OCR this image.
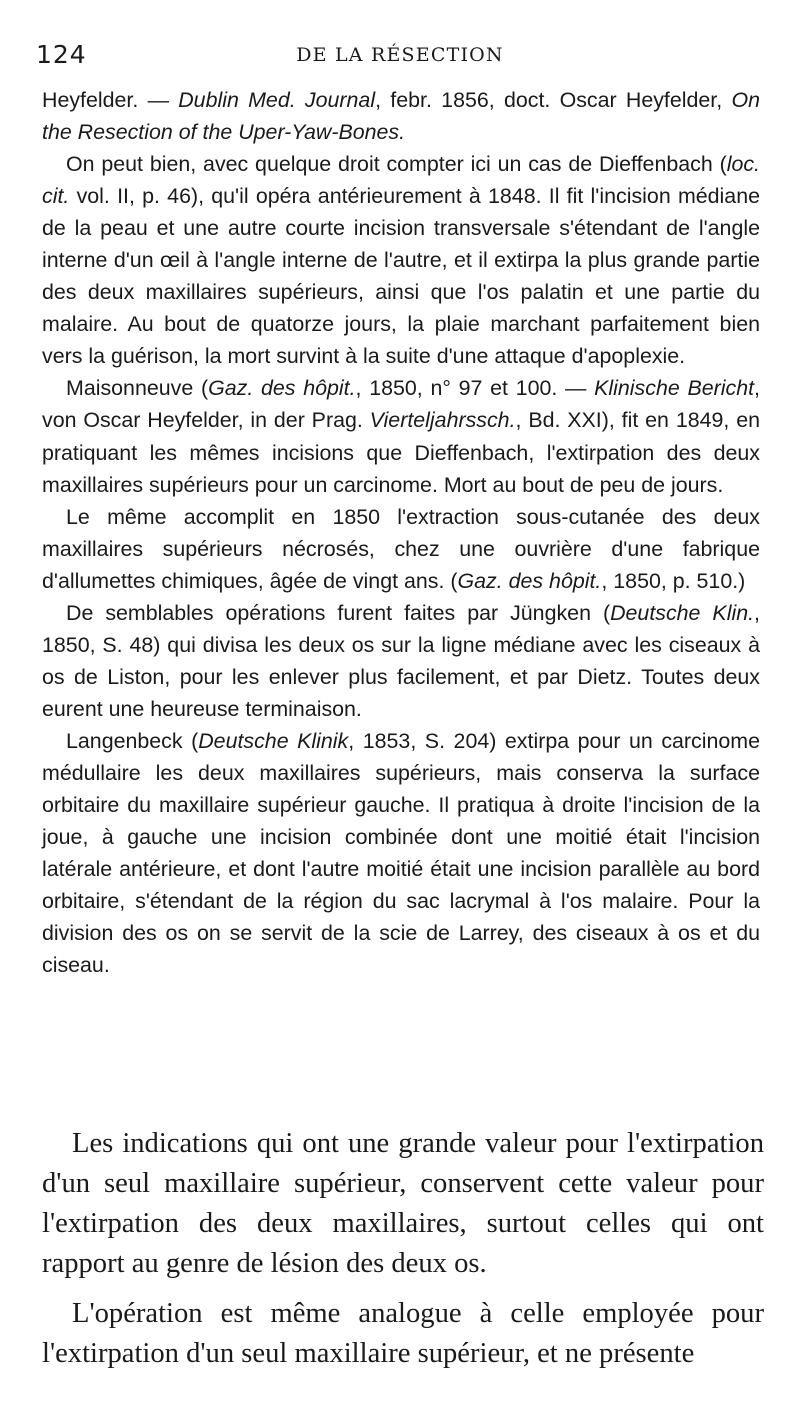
124	DE LA RÉSECTION

Heyfelder. — Dublin Med. Journal, febr. 1856, doct. Oscar Heyfelder, On the Resection of the Uper-Yaw-Bones.

On peut bien, avec quelque droit compter ici un cas de Dieffenbach (loc. cit. vol. II, p. 46), qu'il opéra antérieurement à 1848. Il fit l'incision médiane de la peau et une autre courte incision transversale s'étendant de l'angle interne d'un œil à l'angle interne de l'autre, et il extirpa la plus grande partie des deux maxillaires supérieurs, ainsi que l'os palatin et une partie du malaire. Au bout de quatorze jours, la plaie marchant parfaitement bien vers la guérison, la mort survint à la suite d'une attaque d'apoplexie.

Maisonneuve (Gaz. des hôpit., 1850, n° 97 et 100. — Klinische Bericht, von Oscar Heyfelder, in der Prag. Vierteljahrssch., Bd. XXI), fit en 1849, en pratiquant les mêmes incisions que Dieffenbach, l'extirpation des deux maxillaires supérieurs pour un carcinome. Mort au bout de peu de jours.

Le même accomplit en 1850 l'extraction sous-cutanée des deux maxillaires supérieurs nécrosés, chez une ouvrière d'une fabrique d'allumettes chimiques, âgée de vingt ans. (Gaz. des hôpit., 1850, p. 510.)

De semblables opérations furent faites par Jüngken (Deutsche Klin., 1850, S. 48) qui divisa les deux os sur la ligne médiane avec les ciseaux à os de Liston, pour les enlever plus facilement, et par Dietz. Toutes deux eurent une heureuse terminaison.

Langenbeck (Deutsche Klinik, 1853, S. 204) extirpa pour un carcinome médullaire les deux maxillaires supérieurs, mais conserva la surface orbitaire du maxillaire supérieur gauche. Il pratiqua à droite l'incision de la joue, à gauche une incision combinée dont une moitié était l'incision latérale antérieure, et dont l'autre moitié était une incision parallèle au bord orbitaire, s'étendant de la région du sac lacrymal à l'os malaire. Pour la division des os on se servit de la scie de Larrey, des ciseaux à os et du ciseau.

Les indications qui ont une grande valeur pour l'extirpation d'un seul maxillaire supérieur, conservent cette valeur pour l'extirpation des deux maxillaires, surtout celles qui ont rapport au genre de lésion des deux os.

L'opération est même analogue à celle employée pour l'extirpation d'un seul maxillaire supérieur, et ne présente
